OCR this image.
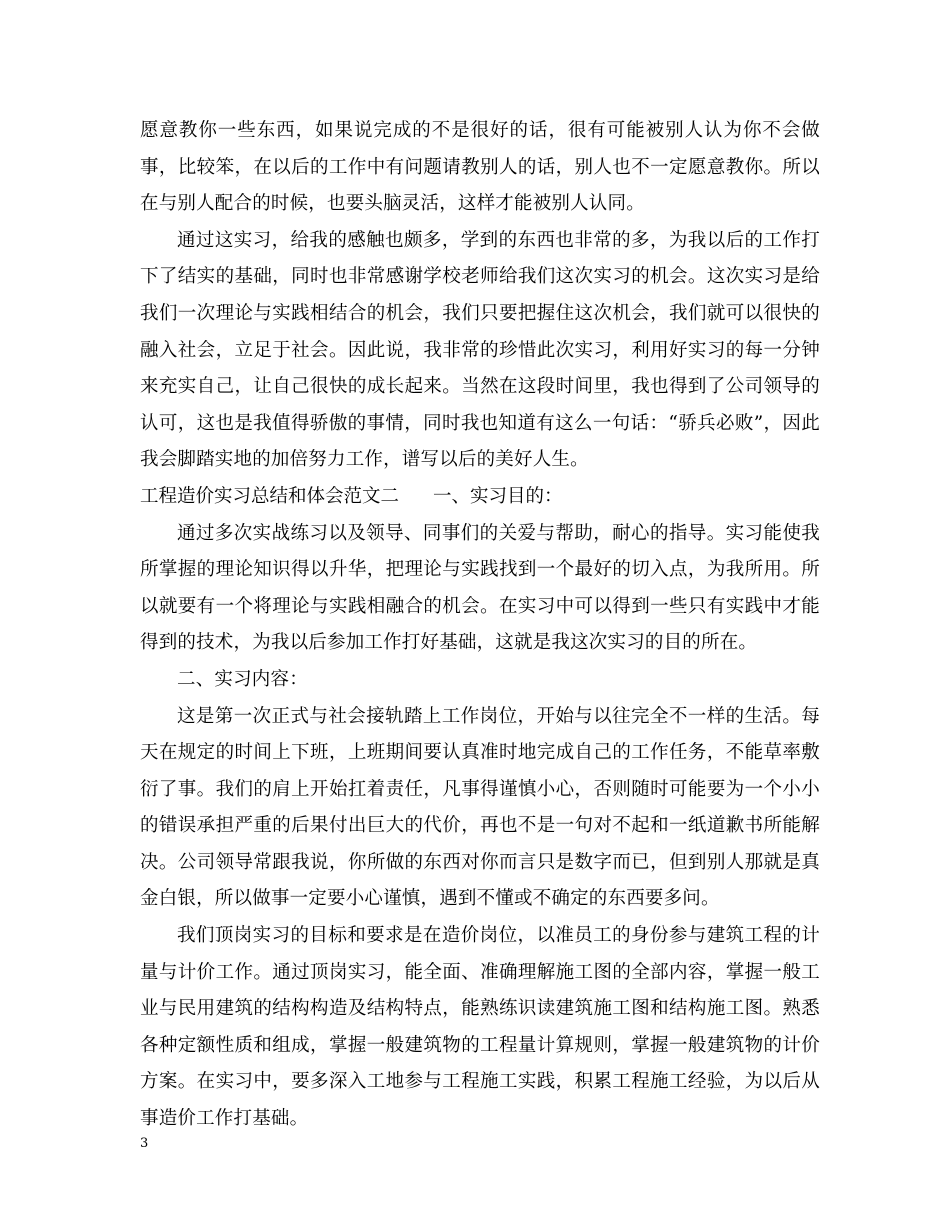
愿意教你一些东西，如果说完成的不是很好的话，很有可能被别人认为你不会做事，比较笨，在以后的工作中有问题请教别人的话，别人也不一定愿意教你。所以在与别人配合的时候，也要头脑灵活，这样才能被别人认同。

通过这实习，给我的感触也颇多，学到的东西也非常的多，为我以后的工作打下了结实的基础，同时也非常感谢学校老师给我们这次实习的机会。这次实习是给我们一次理论与实践相结合的机会，我们只要把握住这次机会，我们就可以很快的融入社会，立足于社会。因此说，我非常的珍惜此次实习，利用好实习的每一分钟来充实自己，让自己很快的成长起来。当然在这段时间里，我也得到了公司领导的认可，这也是我值得骄傲的事情，同时我也知道有这么一句话：“骄兵必败”，因此我会脚踏实地的加倍努力工作，谱写以后的美好人生。

工程造价实习总结和体会范文二 一、实习目的：

通过多次实战练习以及领导、同事们的关爱与帮助，耐心的指导。实习能使我所掌握的理论知识得以升华，把理论与实践找到一个最好的切入点，为我所用。所以就要有一个将理论与实践相融合的机会。在实习中可以得到一些只有实践中才能得到的技术，为我以后参加工作打好基础，这就是我这次实习的目的所在。

二、实习内容：

这是第一次正式与社会接轨踏上工作岗位，开始与以往完全不一样的生活。每天在规定的时间上下班，上班期间要认真准时地完成自己的工作任务，不能草率敷衍了事。我们的肩上开始扛着责任，凡事得谨慎小心，否则随时可能要为一个小小的错误承担严重的后果付出巨大的代价，再也不是一句对不起和一纸道歉书所能解决。公司领导常跟我说，你所做的东西对你而言只是数字而已，但到别人那就是真金白银，所以做事一定要小心谨慎，遇到不懂或不确定的东西要多问。

我们顶岗实习的目标和要求是在造价岗位，以准员工的身份参与建筑工程的计量与计价工作。通过顶岗实习，能全面、准确理解施工图的全部内容，掌握一般工业与民用建筑的结构构造及结构特点，能熟练识读建筑施工图和结构施工图。熟悉各种定额性质和组成，掌握一般建筑物的工程量计算规则，掌握一般建筑物的计价方案。在实习中，要多深入工地参与工程施工实践，积累工程施工经验，为以后从事造价工作打基础。

3
